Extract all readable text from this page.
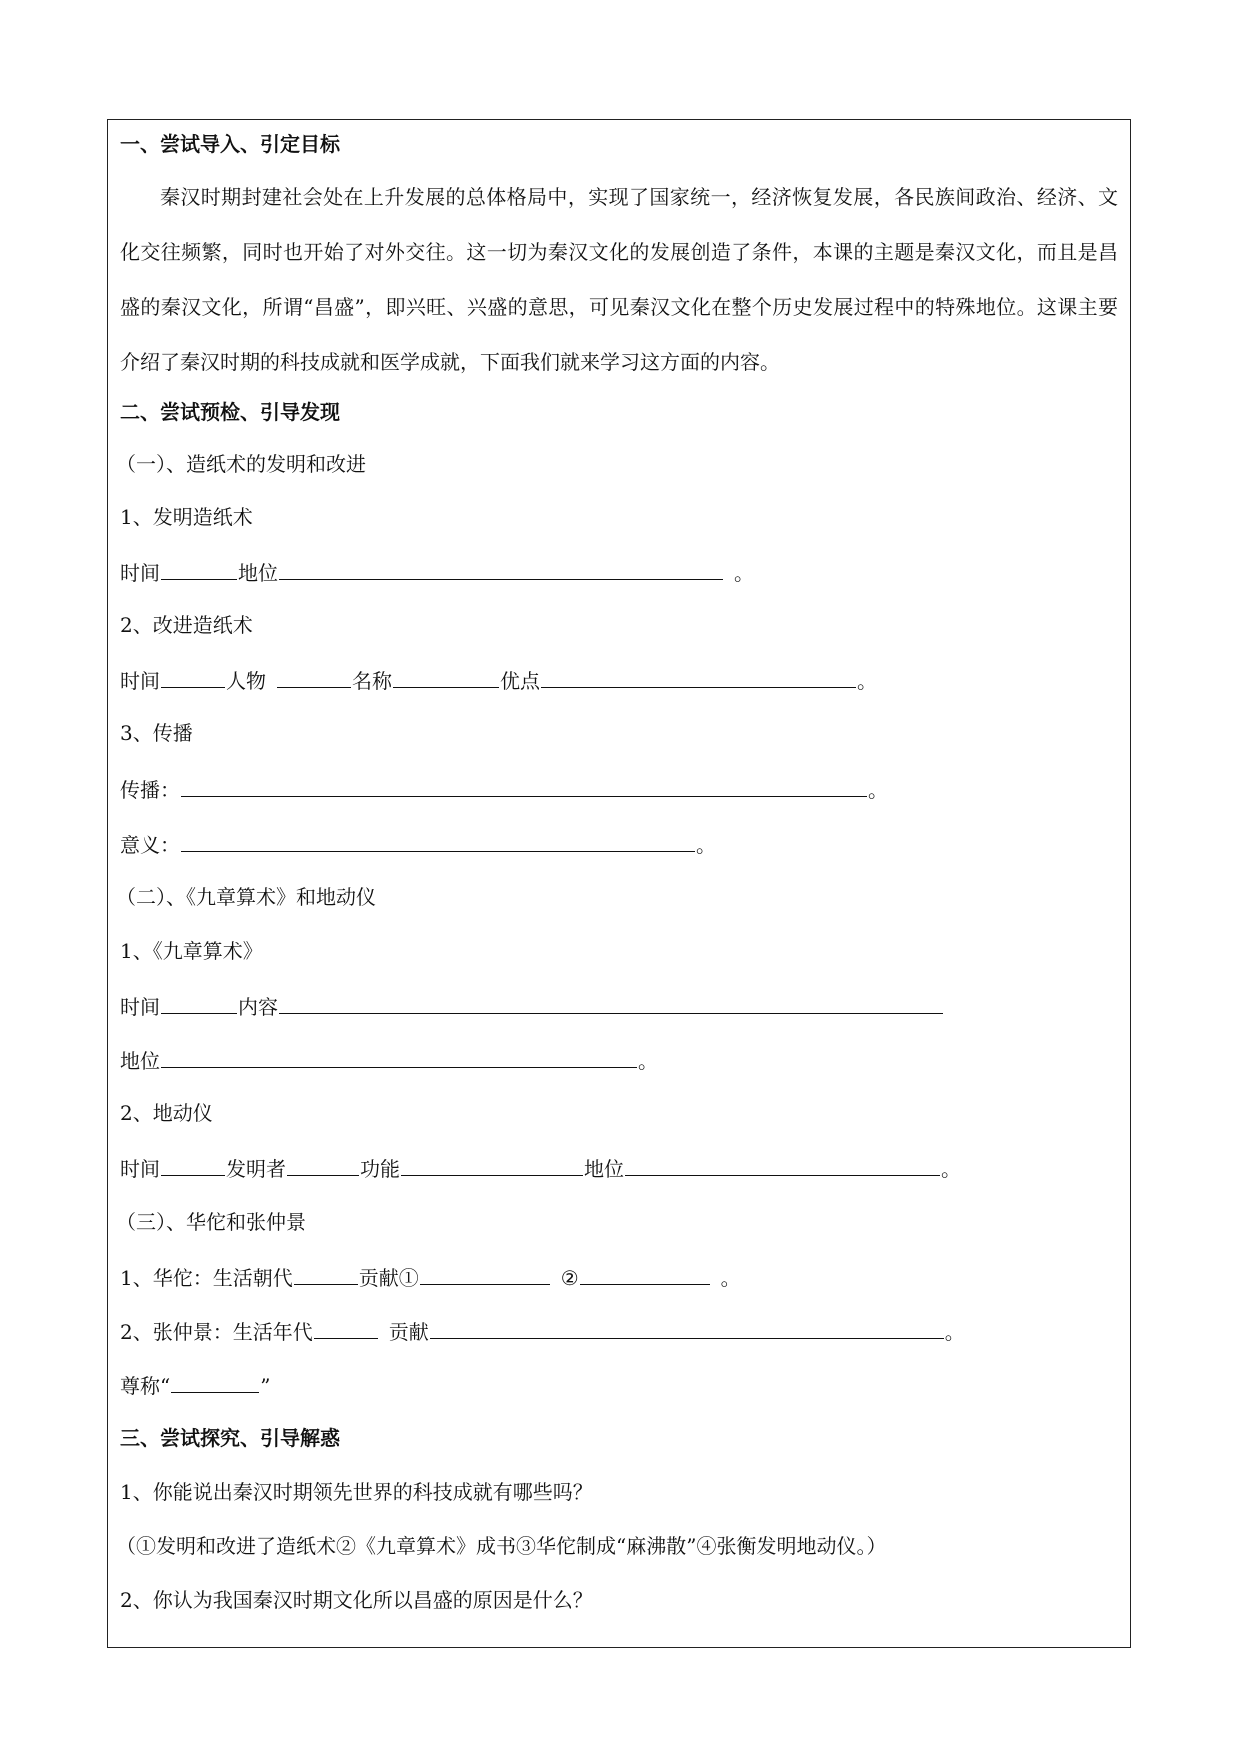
一、尝试导入、引定目标
秦汉时期封建社会处在上升发展的总体格局中，实现了国家统一，经济恢复发展，各民族间政治、经济、文化交往频繁，同时也开始了对外交往。这一切为秦汉文化的发展创造了条件，本课的主题是秦汉文化，而且是昌盛的秦汉文化，所谓“昌盛”，即兴旺、兴盛的意思，可见秦汉文化在整个历史发展过程中的特殊地位。这课主要介绍了秦汉时期的科技成就和医学成就，下面我们就来学习这方面的内容。
二、尝试预检、引导发现
（一）、造纸术的发明和改进
1、发明造纸术
时间	地位	。
2、改进造纸术
时间	人物	名称	优点	。
3、传播
传播：	。
意义：	。
（二）、《九章算术》和地动仪
1、《九章算术》
时间	内容
地位	。
2、地动仪
时间	发明者	功能	地位	。
（三）、华佗和张仲景
1、华佗：生活朝代	贡献①	②	。
2、张仲景：生活年代	贡献	。
尊称“	”
三、尝试探究、引导解惑
1、你能说出秦汉时期领先世界的科技成就有哪些吗？
（①发明和改进了造纸术②《九章算术》成书③华佗制成“麻沸散”④张衡发明地动仪。）
2、你认为我国秦汉时期文化所以昌盛的原因是什么？
